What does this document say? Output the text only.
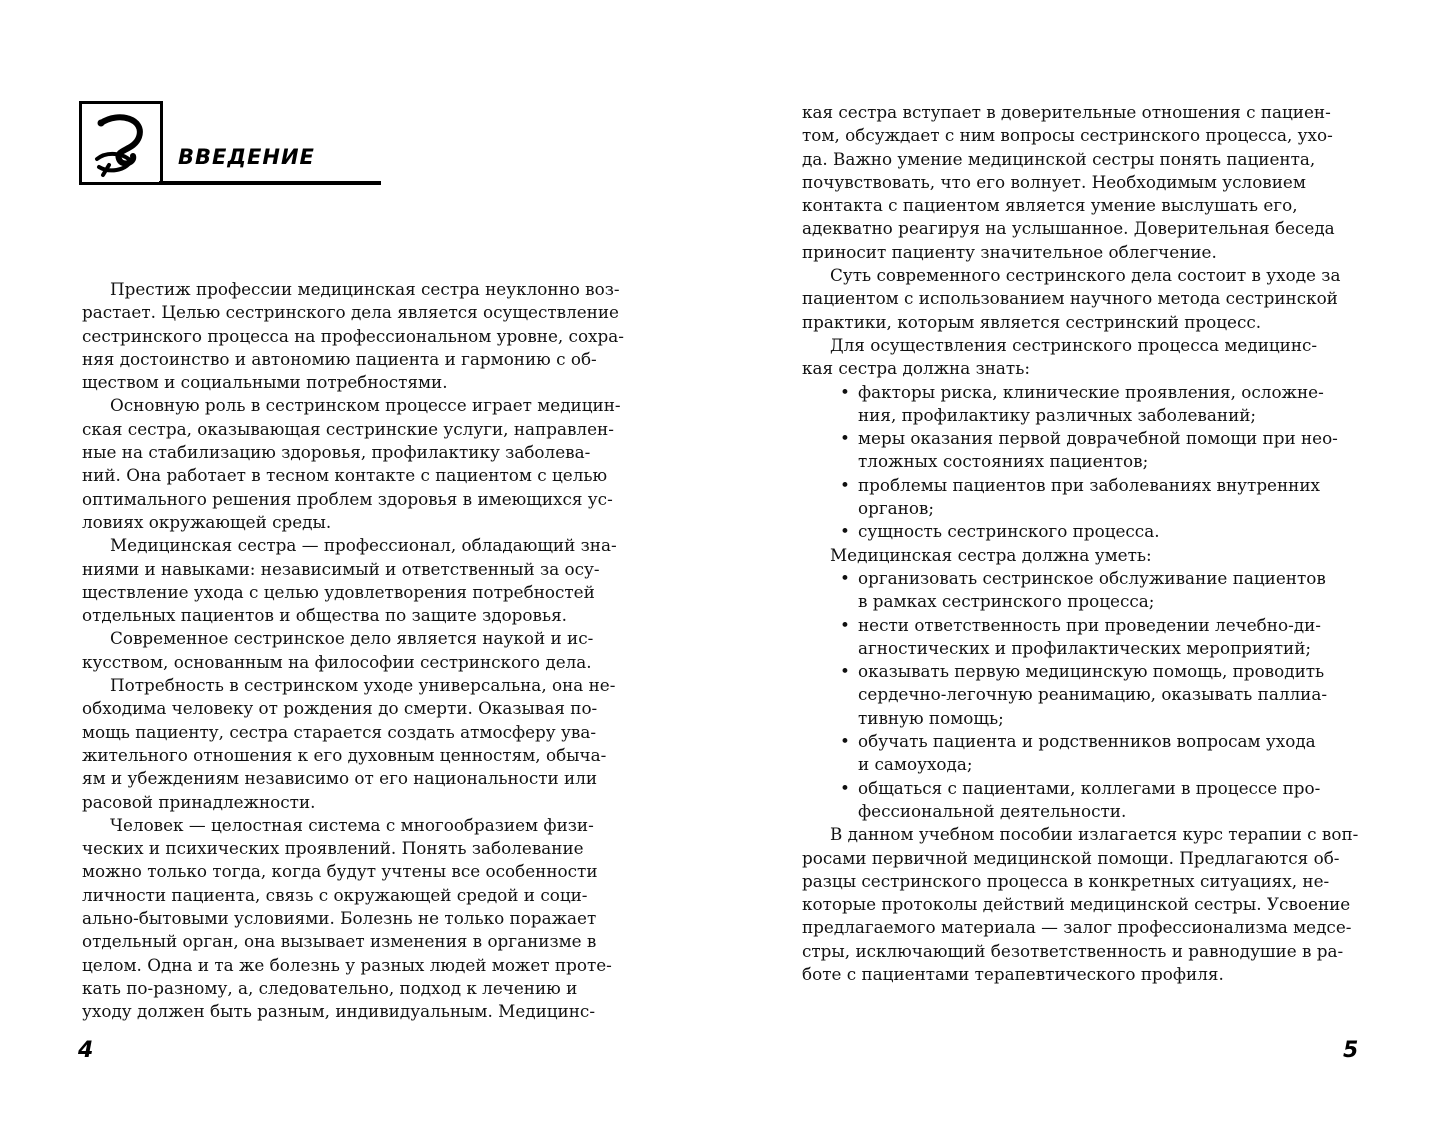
ВВЕДЕНИЕ

Престиж профессии медицинская сестра неуклонно воз-
растает. Целью сестринского дела является осуществление
сестринского процесса на профессиональном уровне, сохра-
няя достоинство и автономию пациента и гармонию с об-
ществом и социальными потребностями.

Основную роль в сестринском процессе играет медицин-
ская сестра, оказывающая сестринские услуги, направлен-
ные на стабилизацию здоровья, профилактику заболева-
ний. Она работает в тесном контакте с пациентом с целью
оптимального решения проблем здоровья в имеющихся ус-
ловиях окружающей среды.

Медицинская сестра — профессионал, обладающий зна-
ниями и навыками: независимый и ответственный за осу-
ществление ухода с целью удовлетворения потребностей
отдельных пациентов и общества по защите здоровья.

Современное сестринское дело является наукой и ис-
кусством, основанным на философии сестринского дела.

Потребность в сестринском уходе универсальна, она не-
обходима человеку от рождения до смерти. Оказывая по-
мощь пациенту, сестра старается создать атмосферу ува-
жительного отношения к его духовным ценностям, обыча-
ям и убеждениям независимо от его национальности или
расовой принадлежности.

Человек — целостная система с многообразием физи-
ческих и психических проявлений. Понять заболевание
можно только тогда, когда будут учтены все особенности
личности пациента, связь с окружающей средой и соци-
ально-бытовыми условиями. Болезнь не только поражает
отдельный орган, она вызывает изменения в организме в
целом. Одна и та же болезнь у разных людей может проте-
кать по-разному, а, следовательно, подход к лечению и
уходу должен быть разным, индивидуальным. Медицинс-

4

кая сестра вступает в доверительные отношения с пациен-
том, обсуждает с ним вопросы сестринского процесса, ухо-
да. Важно умение медицинской сестры понять пациента,
почувствовать, что его волнует. Необходимым условием
контакта с пациентом является умение выслушать его,
адекватно реагируя на услышанное. Доверительная беседа
приносит пациенту значительное облегчение.

Суть современного сестринского дела состоит в уходе за
пациентом с использованием научного метода сестринской
практики, которым является сестринский процесс.

Для осуществления сестринского процесса медицинс-
кая сестра должна знать:

• факторы риска, клинические проявления, осложне-
ния, профилактику различных заболеваний;
• меры оказания первой доврачебной помощи при нео-
тложных состояниях пациентов;
• проблемы пациентов при заболеваниях внутренних
органов;
• сущность сестринского процесса.

Медицинская сестра должна уметь:

• организовать сестринское обслуживание пациентов
в рамках сестринского процесса;
• нести ответственность при проведении лечебно-ди-
агностических и профилактических мероприятий;
• оказывать первую медицинскую помощь, проводить
сердечно-легочную реанимацию, оказывать паллиа-
тивную помощь;
• обучать пациента и родственников вопросам ухода
и самоухода;
• общаться с пациентами, коллегами в процессе про-
фессиональной деятельности.

В данном учебном пособии излагается курс терапии с воп-
росами первичной медицинской помощи. Предлагаются об-
разцы сестринского процесса в конкретных ситуациях, не-
которые протоколы действий медицинской сестры. Усвоение
предлагаемого материала — залог профессионализма медсе-
стры, исключающий безответственность и равнодушие в ра-
боте с пациентами терапевтического профиля.

5
